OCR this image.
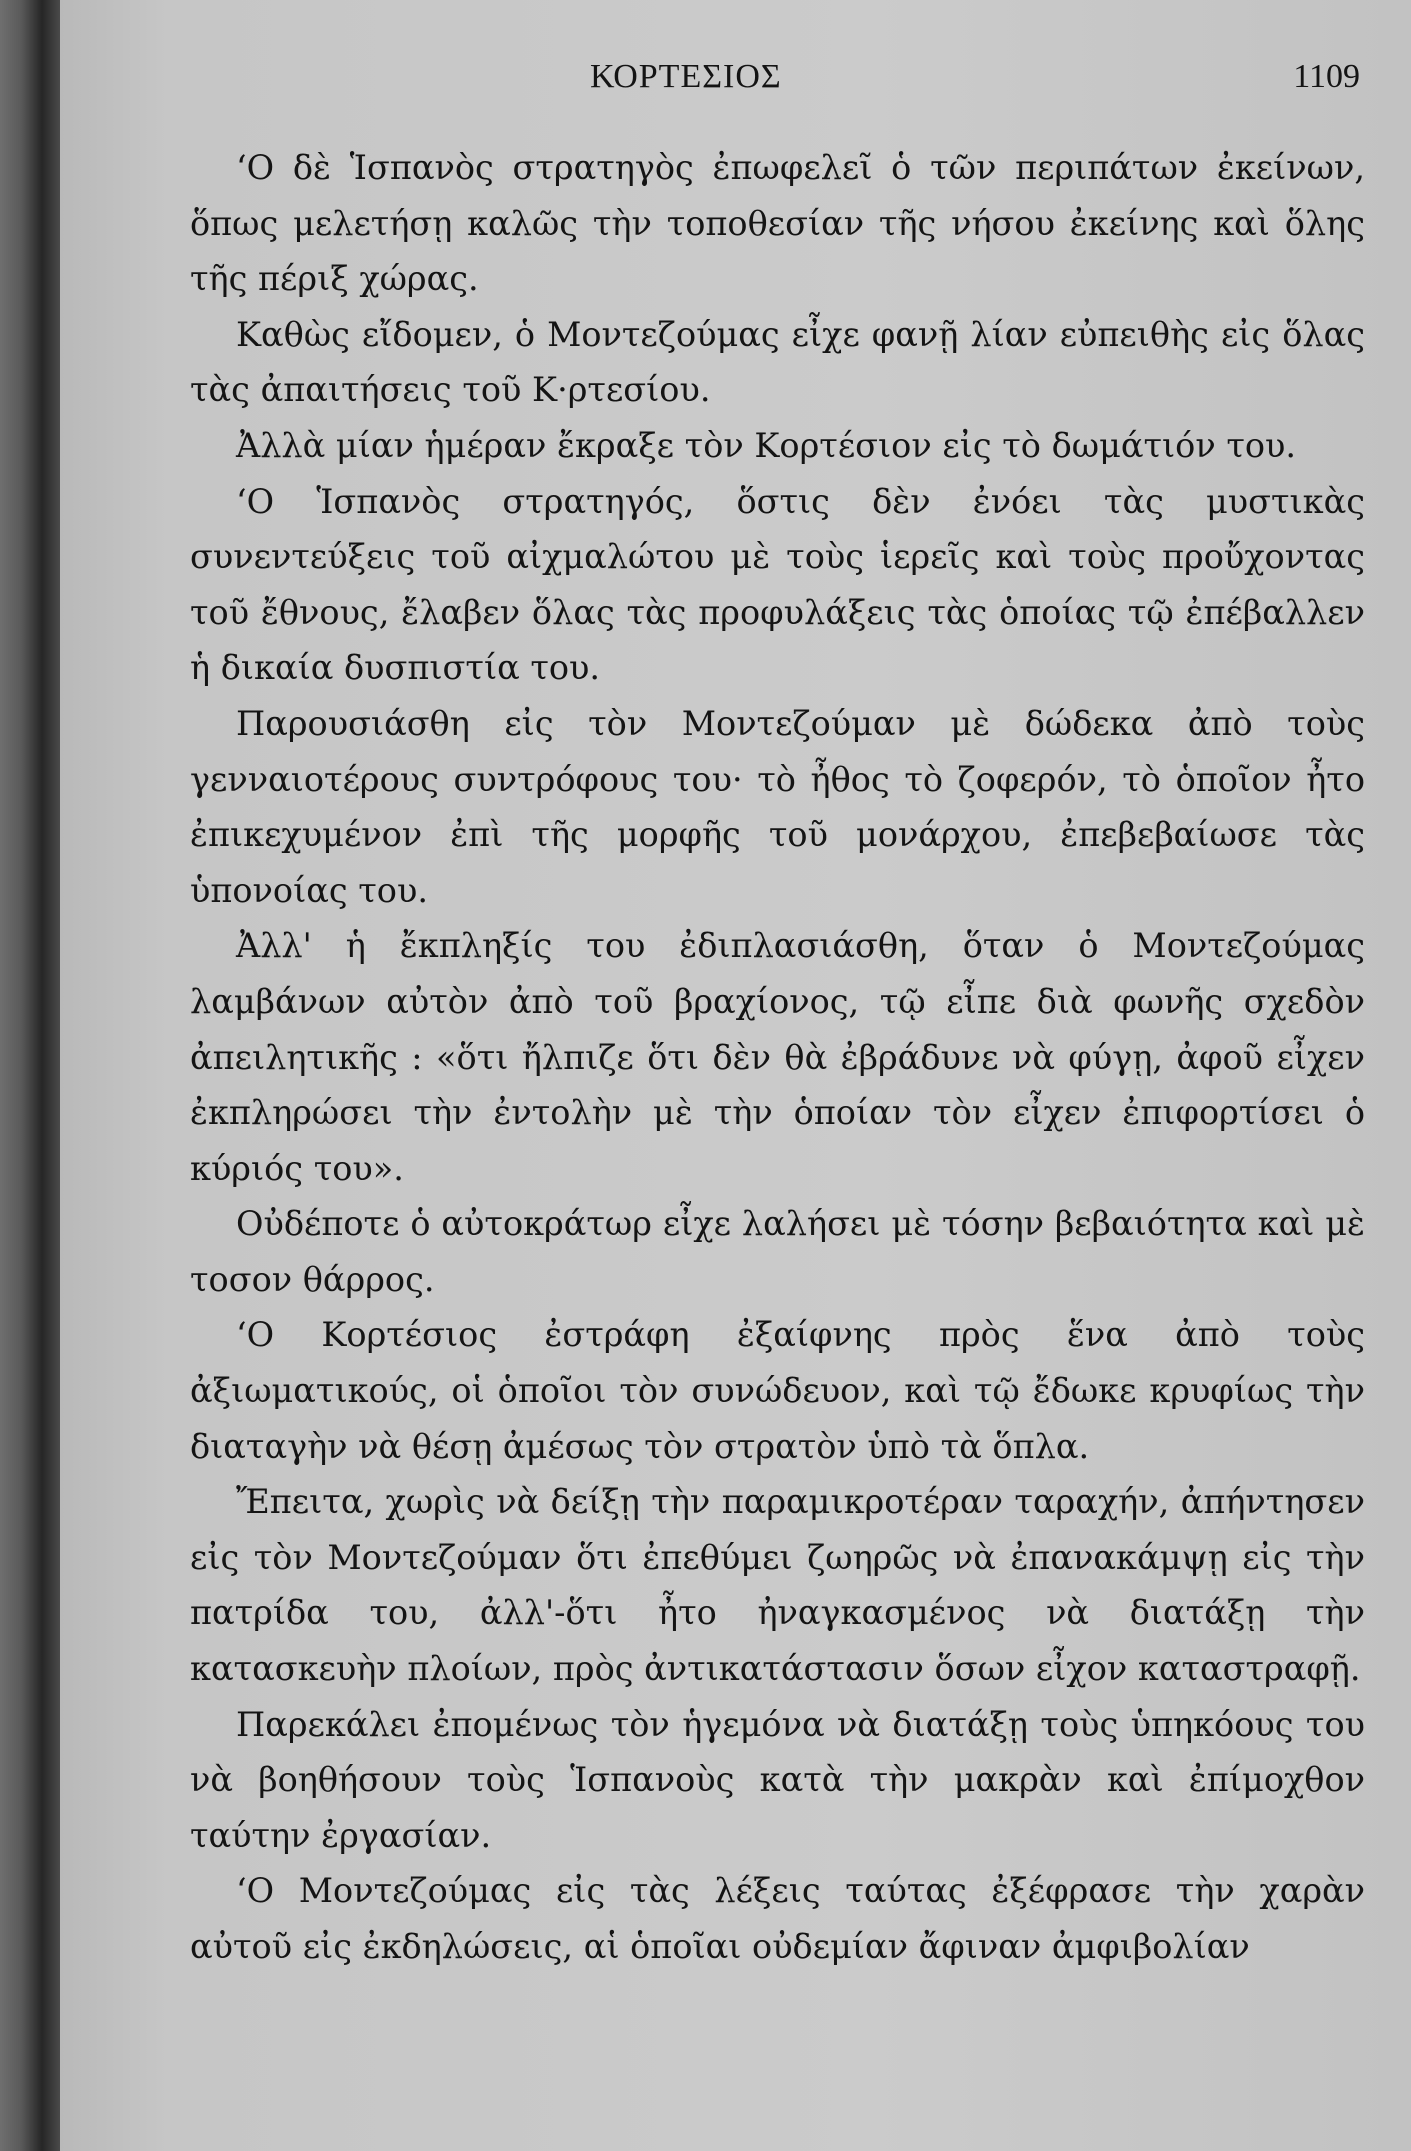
ΚΟΡΤΕΣΙΟΣ	1109

‘Ο δὲ Ἱσπανὸς στρατηγὸς ἐπωφελεῖ ὁ τῶν περιπάτων ἐκείνων, ὅπως μελετήσῃ καλῶς τὴν τοποθεσίαν τῆς νήσου ἐκείνης καὶ ὅλης τῆς πέριξ χώρας.

Καθὼς εἴδομεν, ὁ Μοντεζούμας εἶχε φανῇ λίαν εὐπειθὴς εἰς ὅλας τὰς ἀπαιτήσεις τοῦ Κ·ρτεσίου.

Ἀλλὰ μίαν ἡμέραν ἔκραξε τὸν Κορτέσιον εἰς τὸ δωμάτιόν του.

‘Ο Ἱσπανὸς στρατηγός, ὅστις δὲν ἐνόει τὰς μυστικὰς συνεντεύξεις τοῦ αἰχμαλώτου μὲ τοὺς ἱερεῖς καὶ τοὺς προὔχοντας τοῦ ἔθνους, ἔλαβεν ὅλας τὰς προφυλάξεις τὰς ὁποίας τῷ ἐπέβαλλεν ἡ δικαία δυσπιστία του.

Παρουσιάσθη εἰς τὸν Μοντεζούμαν μὲ δώδεκα ἀπὸ τοὺς γενναιοτέρους συντρόφους του· τὸ ἦθος τὸ ζοφερόν, τὸ ὁποῖον ἦτο ἐπικεχυμένον ἐπὶ τῆς μορφῆς τοῦ μονάρχου, ἐπεβεβαίωσε τὰς ὑπονοίας του.

Ἀλλ' ἡ ἔκπληξίς του ἐδιπλασιάσθη, ὅταν ὁ Μοντεζούμας λαμβάνων αὐτὸν ἀπὸ τοῦ βραχίονος, τῷ εἶπε διὰ φωνῆς σχεδὸν ἀπειλητικῆς : «ὅτι ἤλπιζε ὅτι δὲν θὰ ἐβράδυνε νὰ φύγῃ, ἀφοῦ εἶχεν ἐκπληρώσει τὴν ἐντολὴν μὲ τὴν ὁποίαν τὸν εἶχεν ἐπιφορτίσει ὁ κύριός του».

Οὐδέποτε ὁ αὐτοκράτωρ εἶχε λαλήσει μὲ τόσην βεβαιότητα καὶ μὲ τοσον θάρρος.

‘Ο Κορτέσιος ἐστράφη ἐξαίφνης πρὸς ἕνα ἀπὸ τοὺς ἀξιωματικούς, οἱ ὁποῖοι τὸν συνώδευον, καὶ τῷ ἔδωκε κρυφίως τὴν διαταγὴν νὰ θέσῃ ἀμέσως τὸν στρατὸν ὑπὸ τὰ ὅπλα.

Ἔπειτα, χωρὶς νὰ δείξῃ τὴν παραμικροτέραν ταραχήν, ἀπήντησεν εἰς τὸν Μοντεζούμαν ὅτι ἐπεθύμει ζωηρῶς νὰ ἐπανακάμψῃ εἰς τὴν πατρίδα του, ἀλλ'-ὅτι ἦτο ἠναγκασμένος νὰ διατάξῃ τὴν κατασκευὴν πλοίων, πρὸς ἀντικατάστασιν ὅσων εἶχον καταστραφῇ.

Παρεκάλει ἐπομένως τὸν ἡγεμόνα νὰ διατάξῃ τοὺς ὑπηκόους του νὰ βοηθήσουν τοὺς Ἱσπανοὺς κατὰ τὴν μακρὰν καὶ ἐπίμοχθον ταύτην ἐργασίαν.

‘Ο Μοντεζούμας εἰς τὰς λέξεις ταύτας ἐξέφρασε τὴν χαρὰν αὐτοῦ εἰς ἐκδηλώσεις, αἱ ὁποῖαι οὐδεμίαν ἄφιναν ἀμφιβολίαν
